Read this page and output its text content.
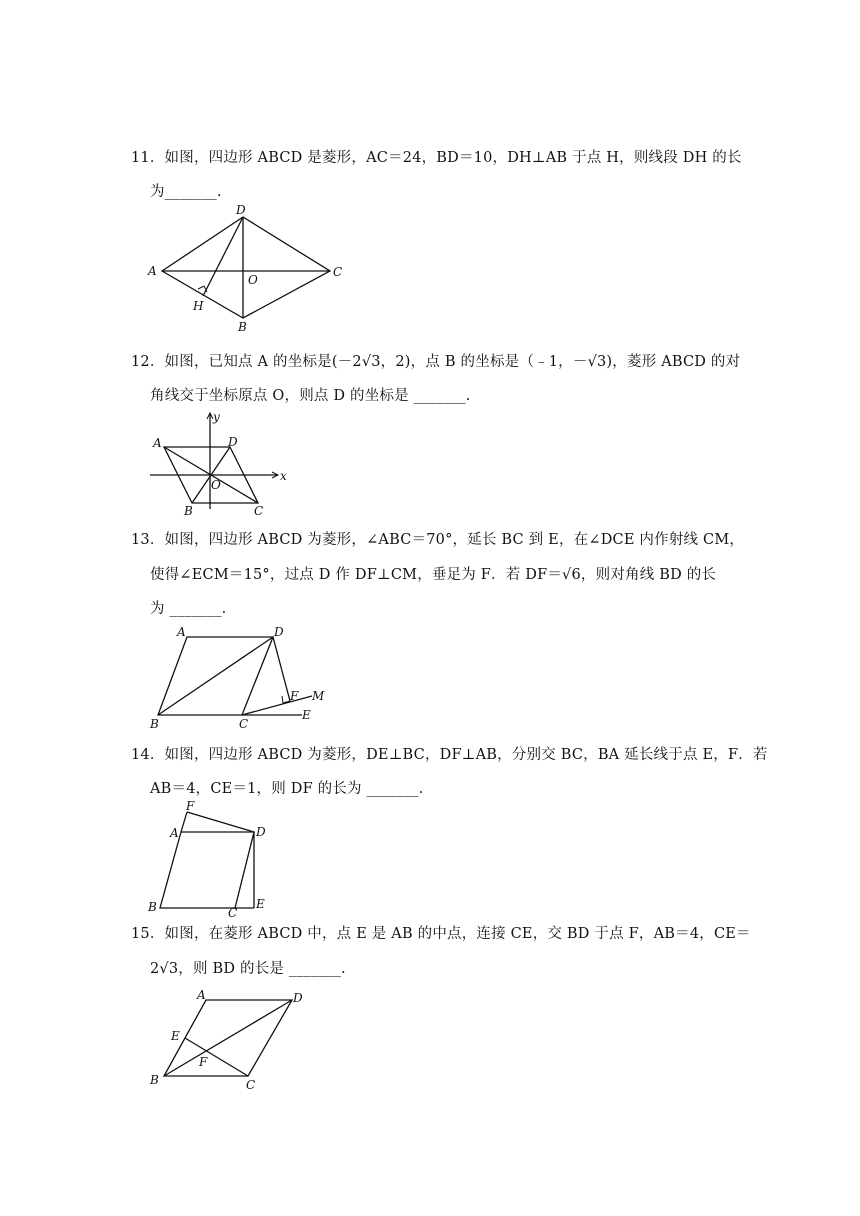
11．如图，四边形 ABCD 是菱形，AC＝24，BD＝10，DH⊥AB 于点 H，则线段 DH 的长
为_______.
A
D
C
O
H
B
12．如图，已知点 A 的坐标是(－2√3，2)，点 B 的坐标是（﹣1，－√3)，菱形 ABCD 的对
角线交于坐标原点 O，则点 D 的坐标是 _______.
A	D
y
x
O
B	C
13．如图，四边形 ABCD 为菱形，∠ABC＝70°，延长 BC 到 E，在∠DCE 内作射线 CM，
使得∠ECM＝15°，过点 D 作 DF⊥CM，垂足为 F．若 DF＝√6，则对角线 BD 的长
为 _______.
A	D
F M
B	C
E
14．如图，四边形 ABCD 为菱形，DE⊥BC，DF⊥AB，分别交 BC，BA 延长线于点 E，F．若
AB＝4，CE＝1，则 DF 的长为 _______.
F
A	D
B	C
E
15．如图，在菱形 ABCD 中，点 E 是 AB 的中点，连接 CE，交 BD 于点 F，AB＝4，CE＝
2√3，则 BD 的长是 _______.
A	D
E
F
B	C
